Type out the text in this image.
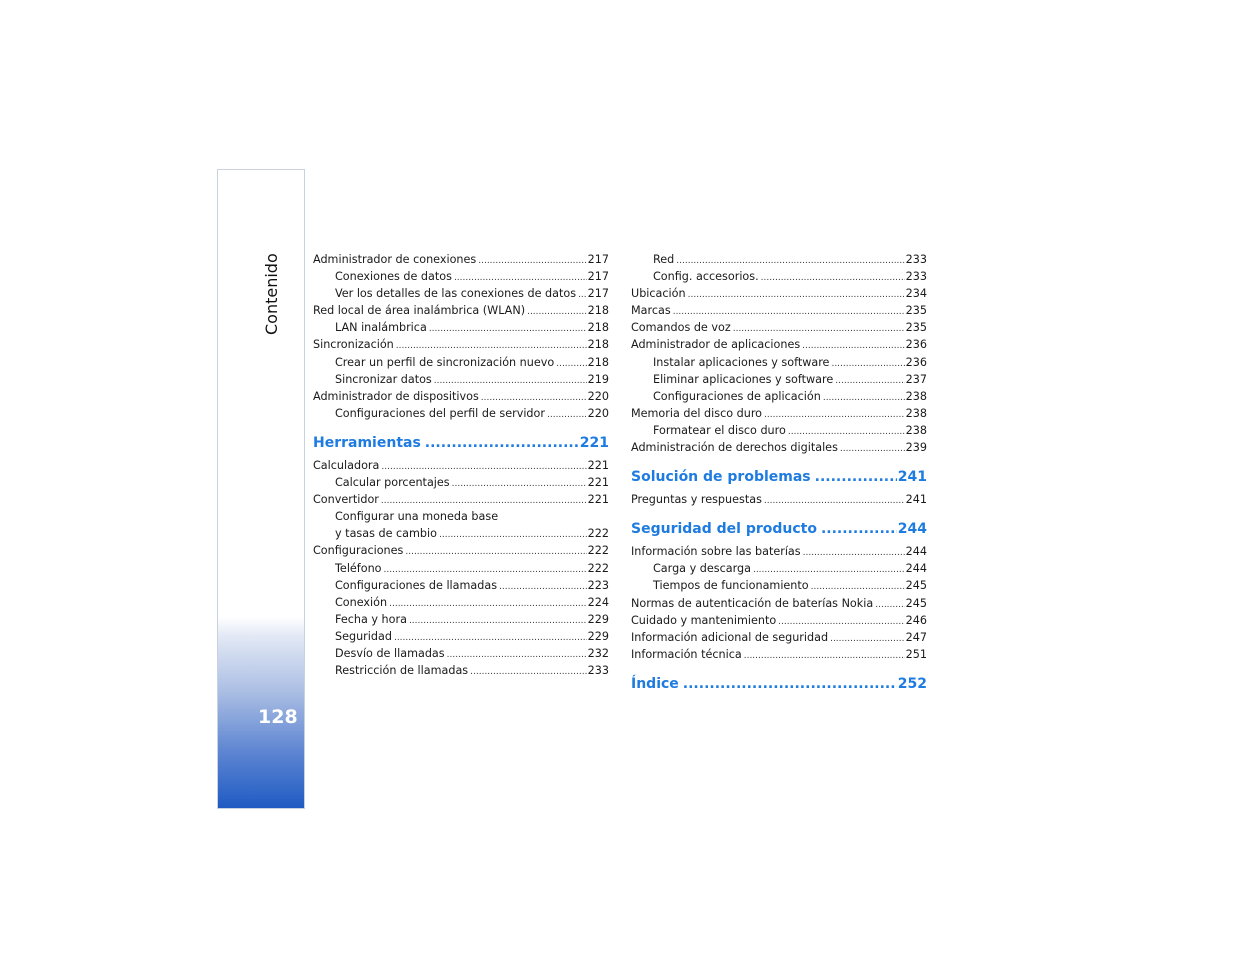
Contenido
128
Administrador de conexiones .....	217
Conexiones de datos .....	217
Ver los detalles de las conexiones de datos ..... 217
Red local de área inalámbrica (WLAN) .....	218
LAN inalámbrica .....	218
Sincronización .....	218
Crear un perfil de sincronización nuevo .....	218
Sincronizar datos .....	219
Administrador de dispositivos .....	220
Configuraciones del perfil de servidor .....	220
Herramientas .....	221
Calculadora .....	221
Calcular porcentajes .....	221
Convertidor .....	221
Configurar una moneda base
y tasas de cambio .....	222
Configuraciones .....	222
Teléfono .....	222
Configuraciones de llamadas .....	223
Conexión .....	224
Fecha y hora .....	229
Seguridad .....	229
Desvío de llamadas .....	232
Restricción de llamadas .....	233
Red .....	233
Config. accesorios. .....	233
Ubicación .....	234
Marcas .....	235
Comandos de voz .....	235
Administrador de aplicaciones .....	236
Instalar aplicaciones y software .....	236
Eliminar aplicaciones y software .....	237
Configuraciones de aplicación .....	238
Memoria del disco duro .....	238
Formatear el disco duro .....	238
Administración de derechos digitales .....	239
Solución de problemas .....	241
Preguntas y respuestas .....	241
Seguridad del producto .....	244
Información sobre las baterías .....	244
Carga y descarga .....	244
Tiempos de funcionamiento .....	245
Normas de autenticación de baterías Nokia .....	245
Cuidado y mantenimiento .....	246
Información adicional de seguridad .....	247
Información técnica .....	251
Índice .....	252
